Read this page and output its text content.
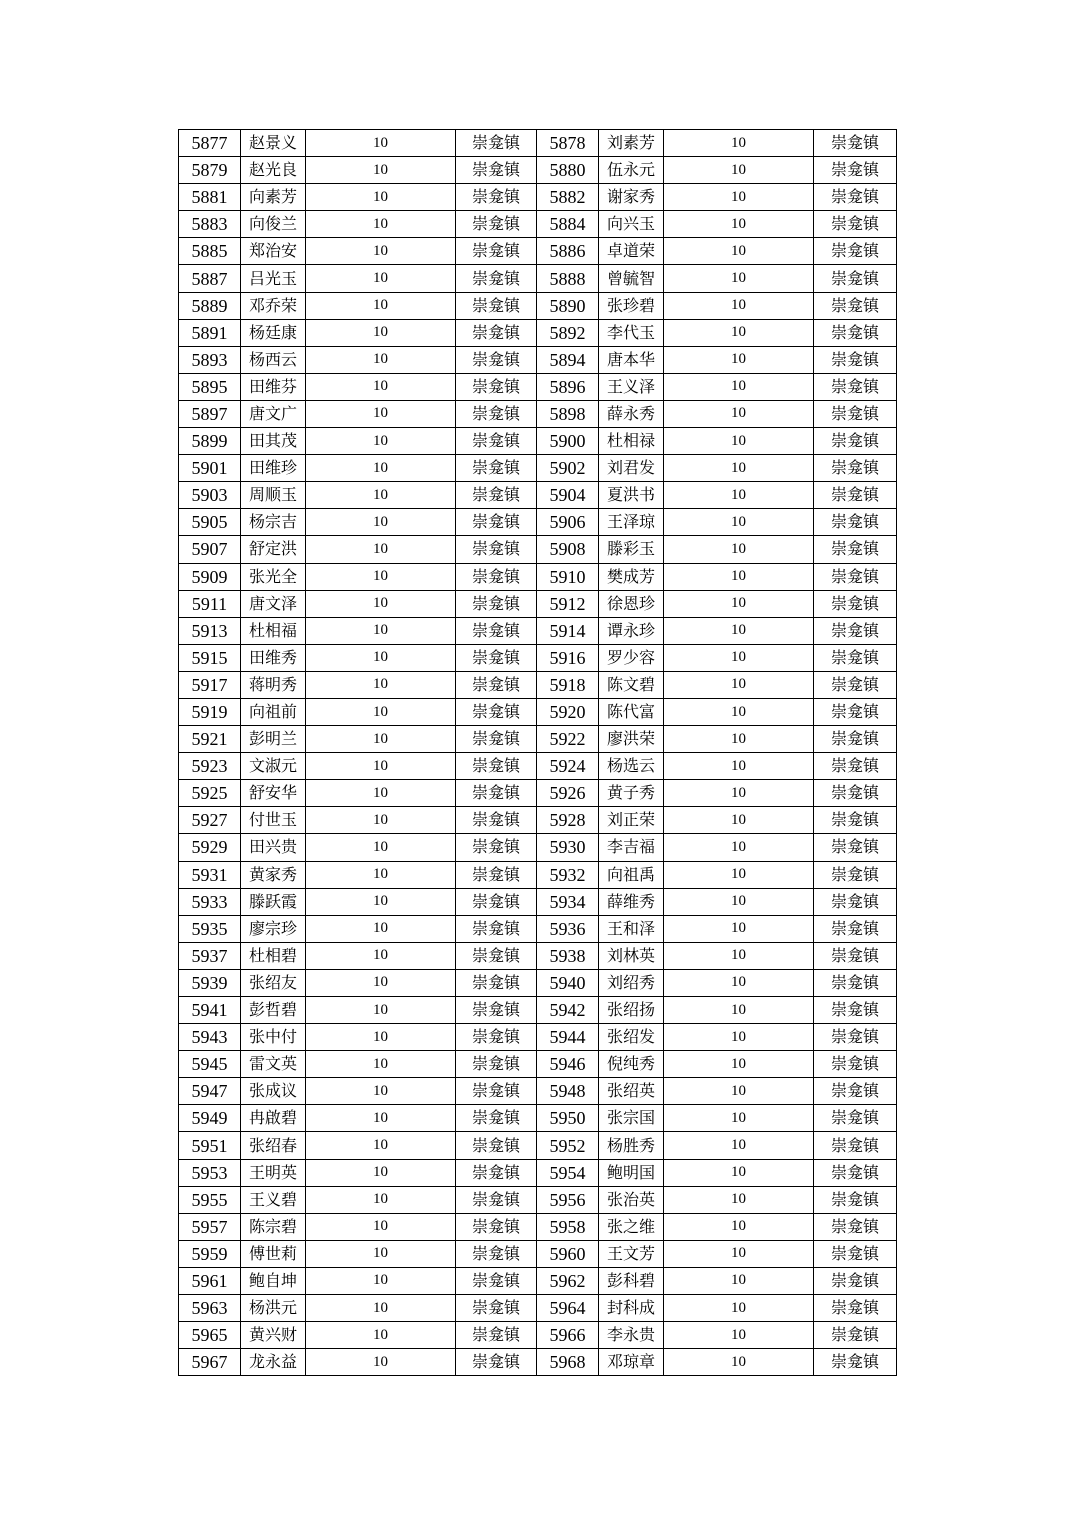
5877	赵景义	10	崇龛镇	5878	刘素芳	10	崇龛镇
5879	赵光良	10	崇龛镇	5880	伍永元	10	崇龛镇
5881	向素芳	10	崇龛镇	5882	谢家秀	10	崇龛镇
5883	向俊兰	10	崇龛镇	5884	向兴玉	10	崇龛镇
5885	郑治安	10	崇龛镇	5886	卓道荣	10	崇龛镇
5887	吕光玉	10	崇龛镇	5888	曾毓智	10	崇龛镇
5889	邓乔荣	10	崇龛镇	5890	张珍碧	10	崇龛镇
5891	杨廷康	10	崇龛镇	5892	李代玉	10	崇龛镇
5893	杨西云	10	崇龛镇	5894	唐本华	10	崇龛镇
5895	田维芬	10	崇龛镇	5896	王义泽	10	崇龛镇
5897	唐文广	10	崇龛镇	5898	薛永秀	10	崇龛镇
5899	田其茂	10	崇龛镇	5900	杜相禄	10	崇龛镇
5901	田维珍	10	崇龛镇	5902	刘君发	10	崇龛镇
5903	周顺玉	10	崇龛镇	5904	夏洪书	10	崇龛镇
5905	杨宗吉	10	崇龛镇	5906	王泽琼	10	崇龛镇
5907	舒定洪	10	崇龛镇	5908	滕彩玉	10	崇龛镇
5909	张光全	10	崇龛镇	5910	樊成芳	10	崇龛镇
5911	唐文泽	10	崇龛镇	5912	徐恩珍	10	崇龛镇
5913	杜相福	10	崇龛镇	5914	谭永珍	10	崇龛镇
5915	田维秀	10	崇龛镇	5916	罗少容	10	崇龛镇
5917	蒋明秀	10	崇龛镇	5918	陈文碧	10	崇龛镇
5919	向祖前	10	崇龛镇	5920	陈代富	10	崇龛镇
5921	彭明兰	10	崇龛镇	5922	廖洪荣	10	崇龛镇
5923	文淑元	10	崇龛镇	5924	杨选云	10	崇龛镇
5925	舒安华	10	崇龛镇	5926	黄子秀	10	崇龛镇
5927	付世玉	10	崇龛镇	5928	刘正荣	10	崇龛镇
5929	田兴贵	10	崇龛镇	5930	李吉福	10	崇龛镇
5931	黄家秀	10	崇龛镇	5932	向祖禹	10	崇龛镇
5933	滕跃霞	10	崇龛镇	5934	薛维秀	10	崇龛镇
5935	廖宗珍	10	崇龛镇	5936	王和泽	10	崇龛镇
5937	杜相碧	10	崇龛镇	5938	刘林英	10	崇龛镇
5939	张绍友	10	崇龛镇	5940	刘绍秀	10	崇龛镇
5941	彭哲碧	10	崇龛镇	5942	张绍扬	10	崇龛镇
5943	张中付	10	崇龛镇	5944	张绍发	10	崇龛镇
5945	雷文英	10	崇龛镇	5946	倪纯秀	10	崇龛镇
5947	张成议	10	崇龛镇	5948	张绍英	10	崇龛镇
5949	冉啟碧	10	崇龛镇	5950	张宗国	10	崇龛镇
5951	张绍春	10	崇龛镇	5952	杨胜秀	10	崇龛镇
5953	王明英	10	崇龛镇	5954	鲍明国	10	崇龛镇
5955	王义碧	10	崇龛镇	5956	张治英	10	崇龛镇
5957	陈宗碧	10	崇龛镇	5958	张之维	10	崇龛镇
5959	傅世莉	10	崇龛镇	5960	王文芳	10	崇龛镇
5961	鲍自坤	10	崇龛镇	5962	彭科碧	10	崇龛镇
5963	杨洪元	10	崇龛镇	5964	封科成	10	崇龛镇
5965	黄兴财	10	崇龛镇	5966	李永贵	10	崇龛镇
5967	龙永益	10	崇龛镇	5968	邓琼章	10	崇龛镇
